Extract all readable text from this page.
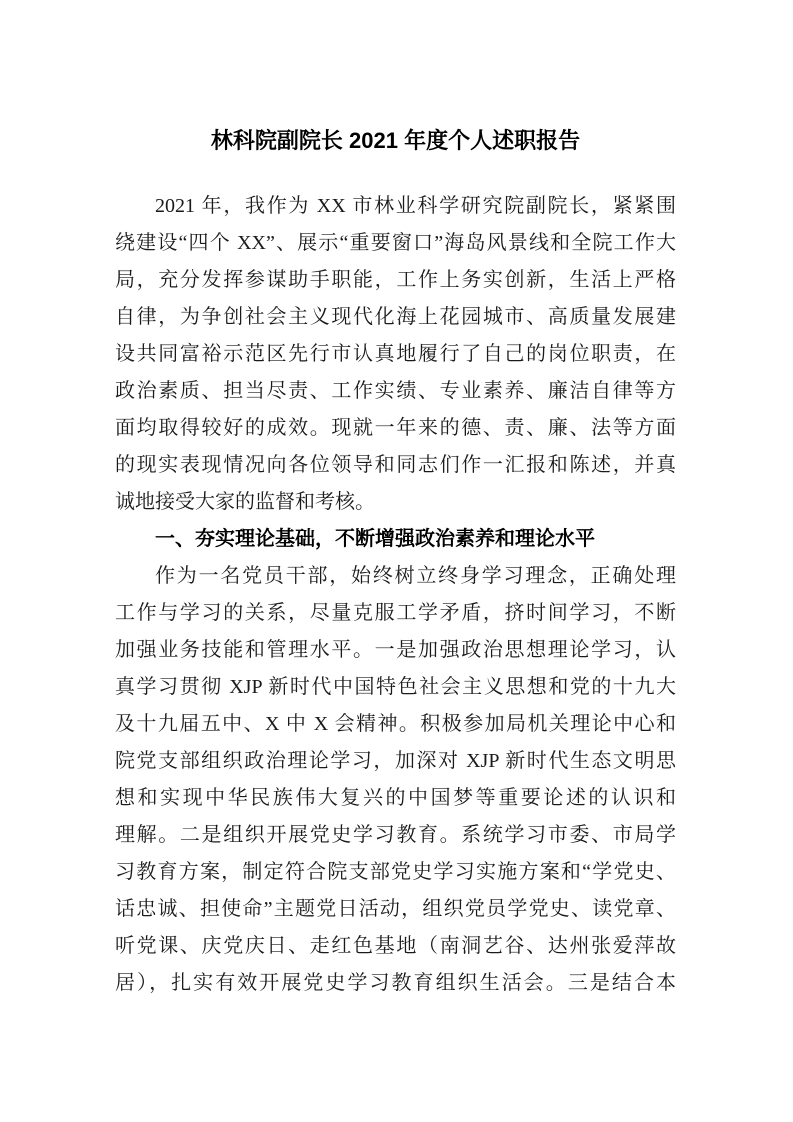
林科院副院长 2021 年度个人述职报告
2021 年，我作为 XX 市林业科学研究院副院长，紧紧围
绕建设“四个 XX”、展示“重要窗口”海岛风景线和全院工作大
局，充分发挥参谋助手职能，工作上务实创新，生活上严格
自律，为争创社会主义现代化海上花园城市、高质量发展建
设共同富裕示范区先行市认真地履行了自己的岗位职责，在
政治素质、担当尽责、工作实绩、专业素养、廉洁自律等方
面均取得较好的成效。现就一年来的德、责、廉、法等方面
的现实表现情况向各位领导和同志们作一汇报和陈述，并真
诚地接受大家的监督和考核。
一、夯实理论基础，不断增强政治素养和理论水平
作为一名党员干部，始终树立终身学习理念，正确处理
工作与学习的关系，尽量克服工学矛盾，挤时间学习，不断
加强业务技能和管理水平。一是加强政治思想理论学习，认
真学习贯彻 XJP 新时代中国特色社会主义思想和党的十九大
及十九届五中、X 中 X 会精神。积极参加局机关理论中心和
院党支部组织政治理论学习，加深对 XJP 新时代生态文明思
想和实现中华民族伟大复兴的中国梦等重要论述的认识和
理解。二是组织开展党史学习教育。系统学习市委、市局学
习教育方案，制定符合院支部党史学习实施方案和“学党史、
话忠诚、担使命”主题党日活动，组织党员学党史、读党章、
听党课、庆党庆日、走红色基地（南洞艺谷、达州张爱萍故
居），扎实有效开展党史学习教育组织生活会。三是结合本
